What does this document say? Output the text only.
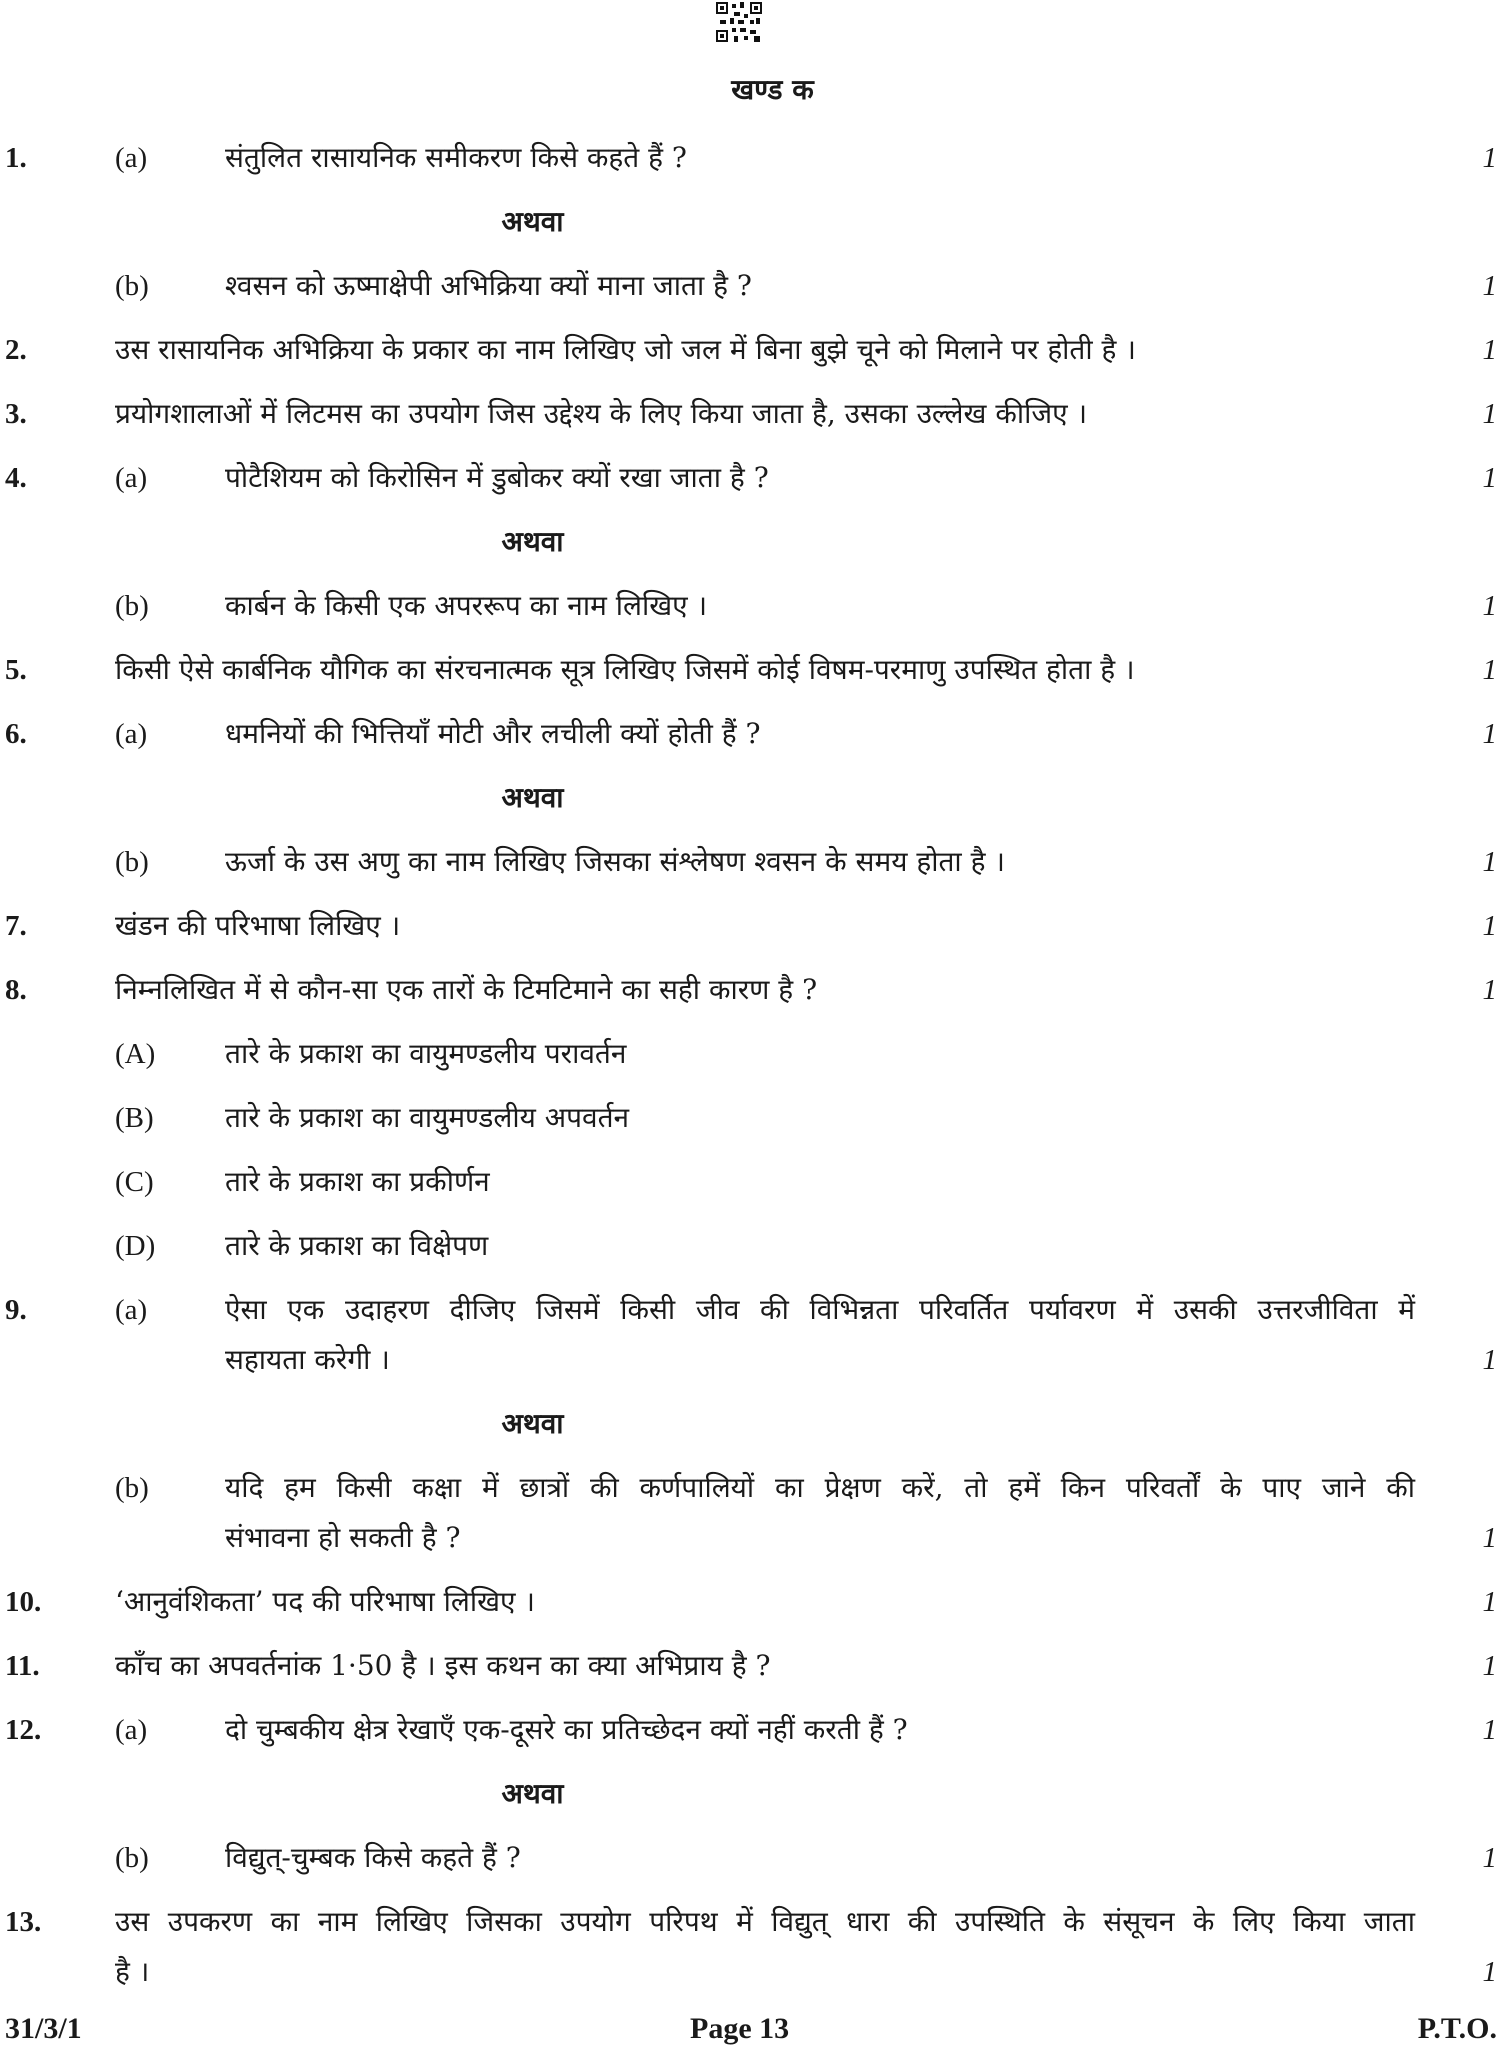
खण्ड क
1.	(a)	संतुलित रासायनिक समीकरण किसे कहते हैं ?	1
अथवा
(b)	श्वसन को ऊष्माक्षेपी अभिक्रिया क्यों माना जाता है ?	1
2.	उस रासायनिक अभिक्रिया के प्रकार का नाम लिखिए जो जल में बिना बुझे चूने को मिलाने पर होती है ।	1
3.	प्रयोगशालाओं में लिटमस का उपयोग जिस उद्देश्य के लिए किया जाता है, उसका उल्लेख कीजिए ।	1
4.	(a)	पोटैशियम को किरोसिन में डुबोकर क्यों रखा जाता है ?	1
अथवा
(b)	कार्बन के किसी एक अपररूप का नाम लिखिए ।	1
5.	किसी ऐसे कार्बनिक यौगिक का संरचनात्मक सूत्र लिखिए जिसमें कोई विषम-परमाणु उपस्थित होता है ।	1
6.	(a)	धमनियों की भित्तियाँ मोटी और लचीली क्यों होती हैं ?	1
अथवा
(b)	ऊर्जा के उस अणु का नाम लिखिए जिसका संश्लेषण श्वसन के समय होता है ।	1
7.	खंडन की परिभाषा लिखिए ।	1
8.	निम्नलिखित में से कौन-सा एक तारों के टिमटिमाने का सही कारण है ?	1
(A) तारे के प्रकाश का वायुमण्डलीय परावर्तन
(B)	तारे के प्रकाश का वायुमण्डलीय अपवर्तन
(C)	तारे के प्रकाश का प्रकीर्णन
(D) तारे के प्रकाश का विक्षेपण
9.	(a)	ऐसा एक उदाहरण दीजिए जिसमें किसी जीव की विभिन्नता परिवर्तित पर्यावरण में उसकी उत्तरजीविता में
सहायता करेगी ।	1
अथवा
(b)	यदि हम किसी कक्षा में छात्रों की कर्णपालियों का प्रेक्षण करें, तो हमें किन परिवर्तों के पाए जाने की
संभावना हो सकती है ?	1
10.	‘आनुवंशिकता’ पद की परिभाषा लिखिए ।	1
11.	काँच का अपवर्तनांक 1·50 है । इस कथन का क्या अभिप्राय है ?	1
12.	(a)	दो चुम्बकीय क्षेत्र रेखाएँ एक-दूसरे का प्रतिच्छेदन क्यों नहीं करती हैं ?	1
अथवा
(b)	विद्युत्-चुम्बक किसे कहते हैं ?	1
13.	उस उपकरण का नाम लिखिए जिसका उपयोग परिपथ में विद्युत् धारा की उपस्थिति के संसूचन के लिए किया जाता
है ।	1
31/3/1	Page 13	P.T.O.
